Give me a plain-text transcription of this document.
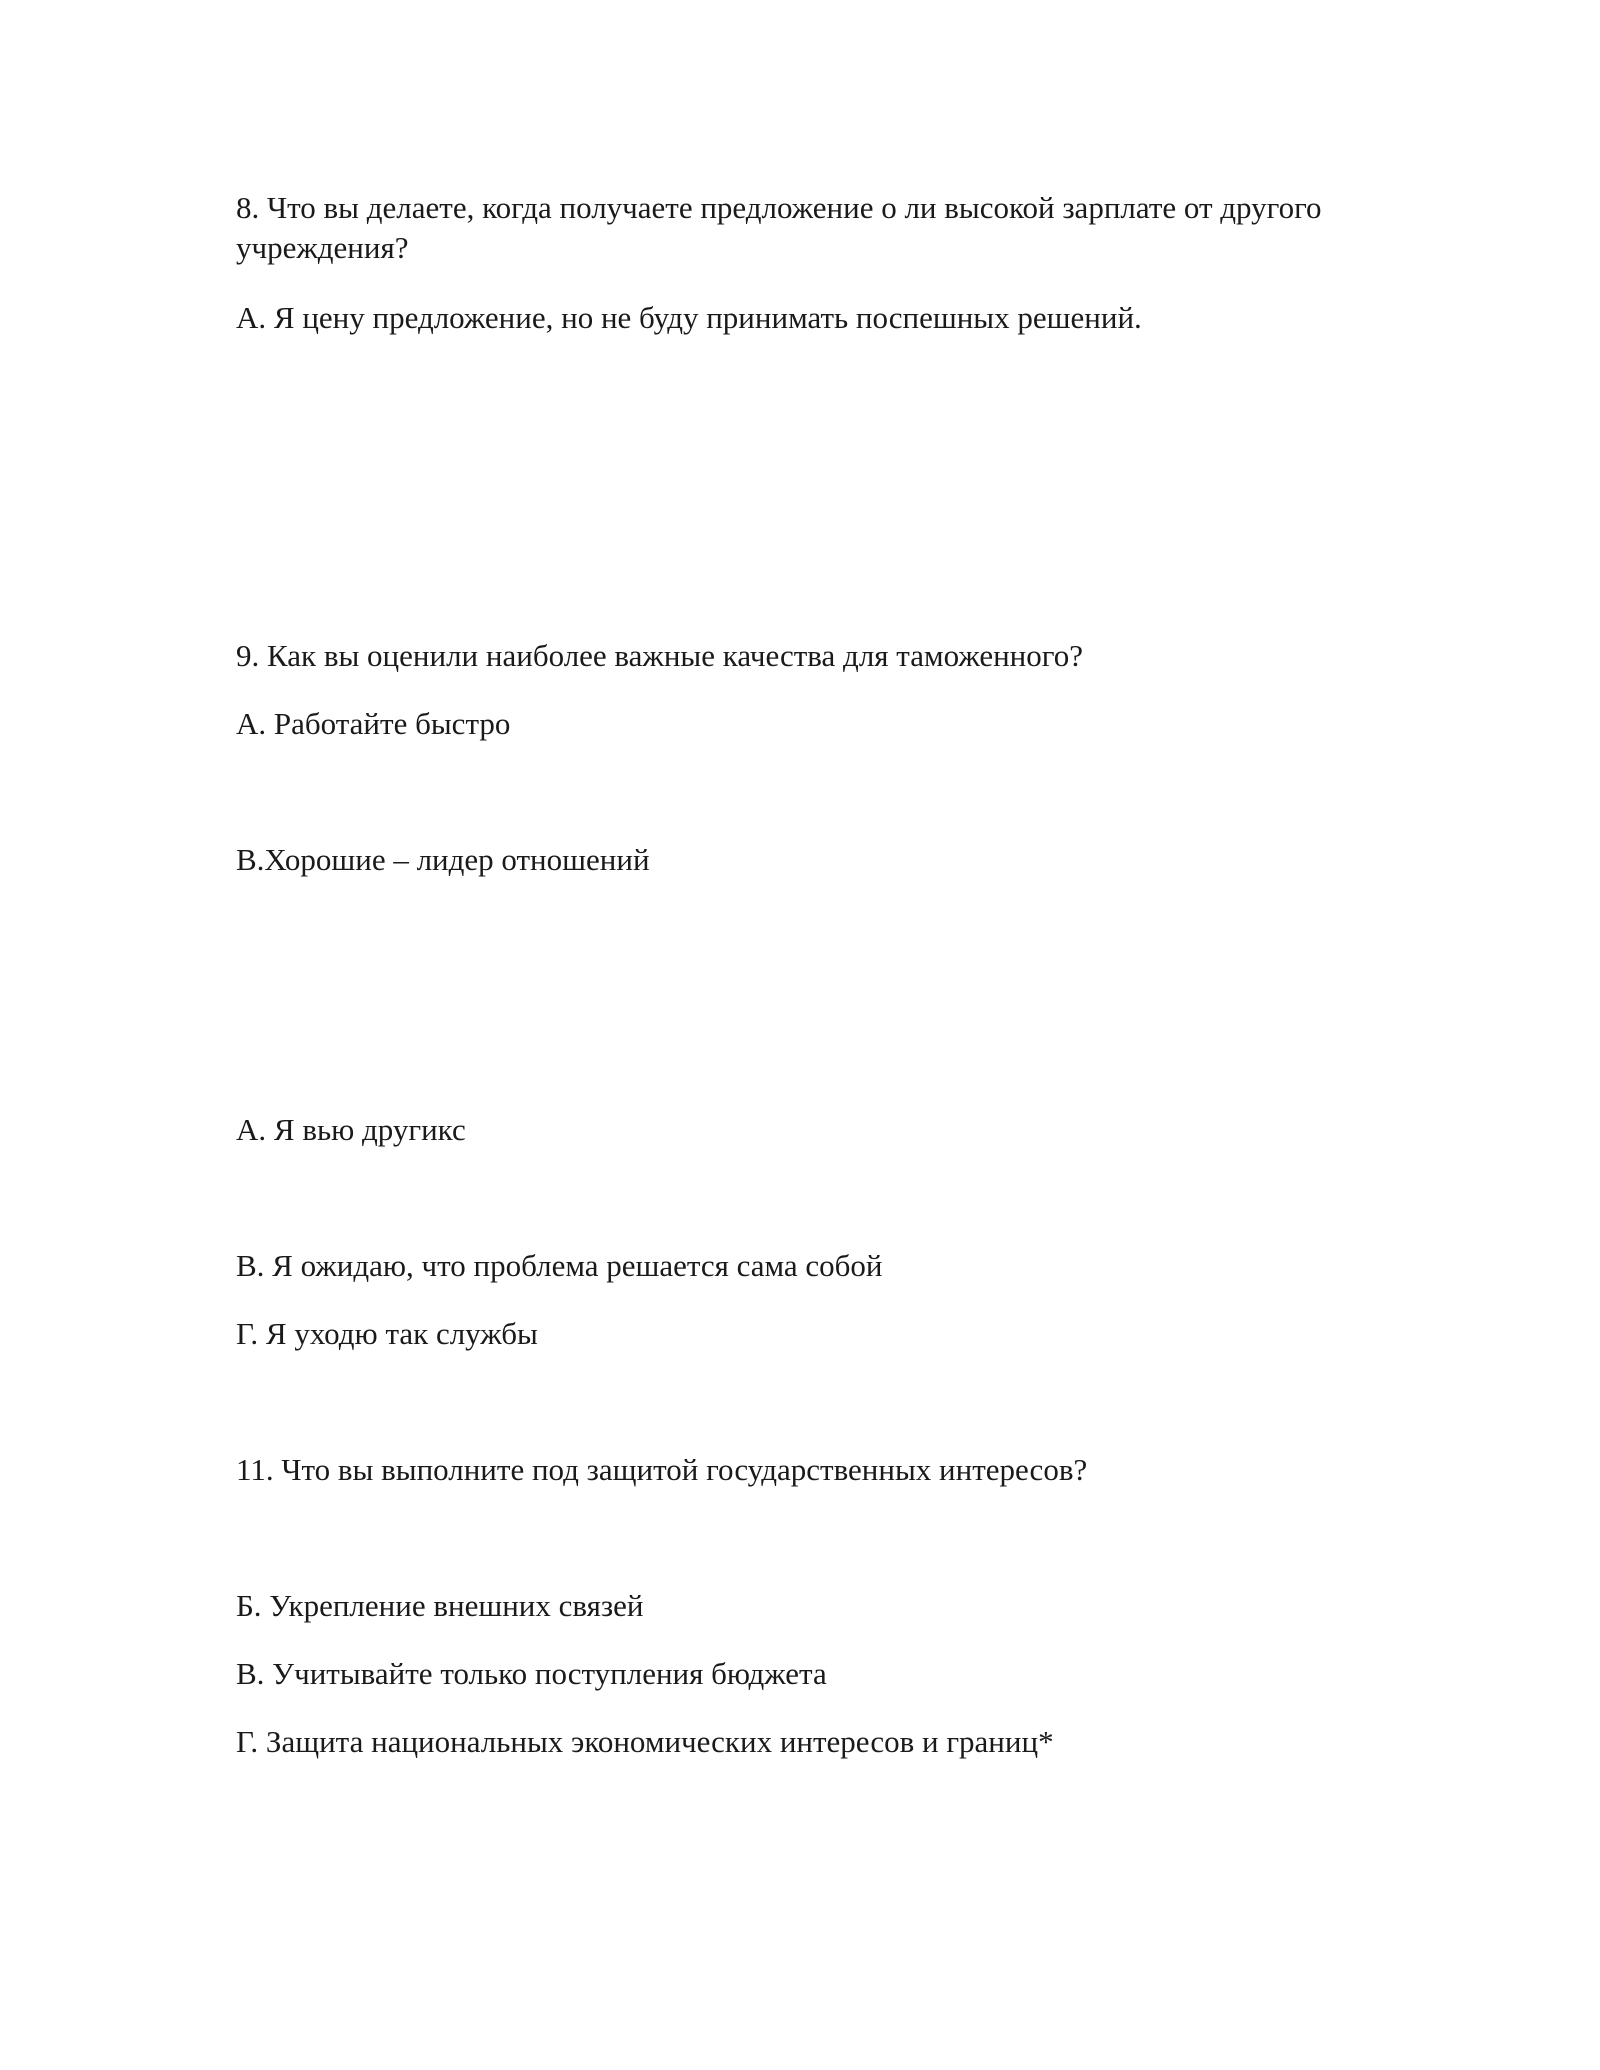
8. Что вы делаете, когда получаете предложение о ли высокой зарплате от другого учреждения?
А. Я цену предложение, но не буду принимать поспешных решений.
9. Как вы оценили наиболее важные качества для таможенного?
А. Работайте быстро
В.Хорошие – лидер отношений
А. Я вью другикс
В. Я ожидаю, что проблема решается сама собой
Г. Я уходю так службы
11. Что вы выполните под защитой государственных интересов?
Б. Укрепление внешних связей
В. Учитывайте только поступления бюджета
Г. Защита национальных экономических интересов и границ*
